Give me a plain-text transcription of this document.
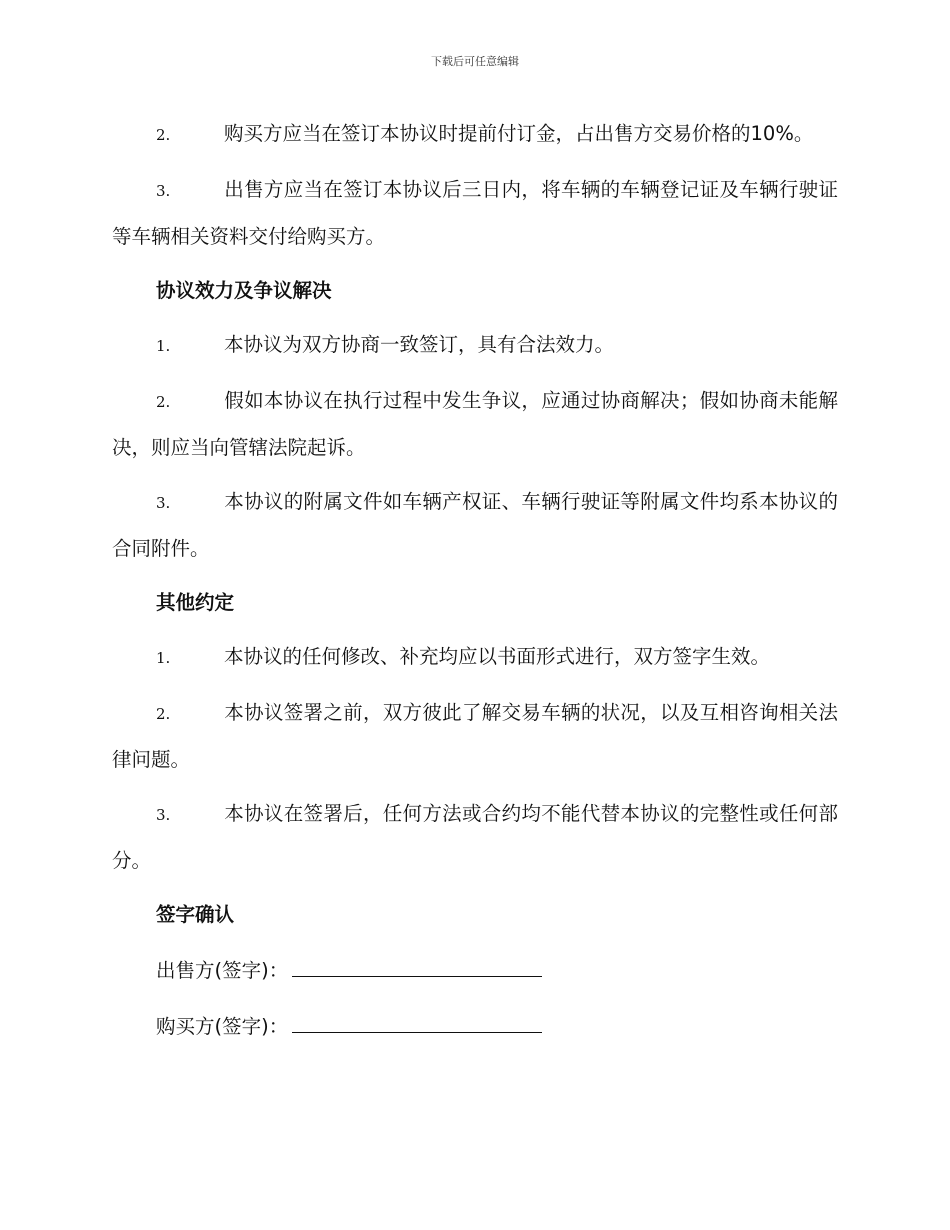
下载后可任意编辑

2.	购买方应当在签订本协议时提前付订金，占出售方交易价格的10%。

3.	出售方应当在签订本协议后三日内，将车辆的车辆登记证及车辆行驶证等车辆相关资料交付给购买方。

协议效力及争议解决

1.	本协议为双方协商一致签订，具有合法效力。

2.	假如本协议在执行过程中发生争议，应通过协商解决；假如协商未能解决，则应当向管辖法院起诉。

3.	本协议的附属文件如车辆产权证、车辆行驶证等附属文件均系本协议的合同附件。

其他约定

1.	本协议的任何修改、补充均应以书面形式进行，双方签字生效。

2.	本协议签署之前，双方彼此了解交易车辆的状况，以及互相咨询相关法律问题。

3.	本协议在签署后，任何方法或合约均不能代替本协议的完整性或任何部分。

签字确认
出售方(签字)：
购买方(签字)：
